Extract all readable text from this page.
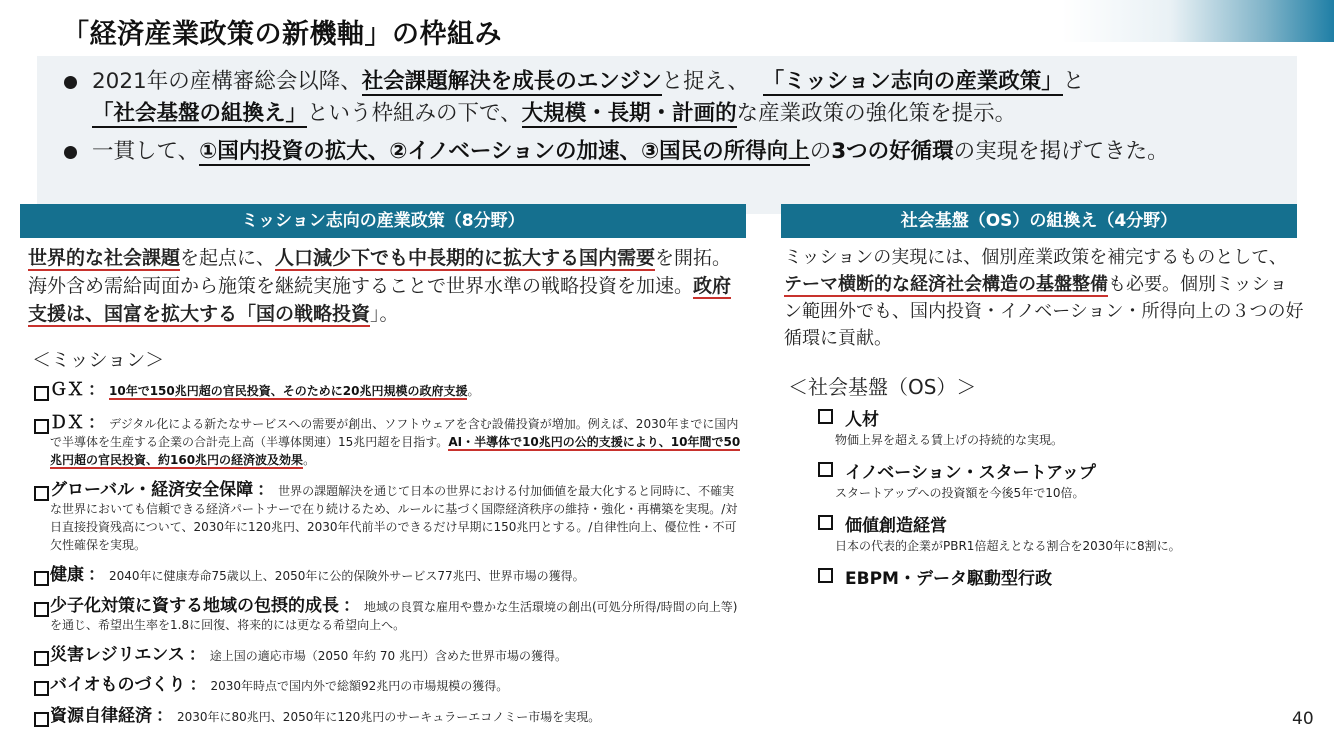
「経済産業政策の新機軸」の枠組み
2021年の産構審総会以降、社会課題解決を成長のエンジンと捉え、 「ミッション志向の産業政策」と
「社会基盤の組換え」という枠組みの下で、大規模・長期・計画的な産業政策の強化策を提示。
一貫して、①国内投資の拡大、②イノベーションの加速、③国民の所得向上の3つの好循環の実現を掲げてきた。
ミッション志向の産業政策（8分野）
世界的な社会課題を起点に、人口減少下でも中長期的に拡大する国内需要を開拓。海外含め需給両面から施策を継続実施することで世界水準の戦略投資を加速。政府支援は、国富を拡大する「国の戦略投資」。
＜ミッション＞
ＧＸ ： 10年で150兆円超の官民投資、そのために20兆円規模の政府支援。
ＤＸ ： デジタル化による新たなサービスへの需要が創出、ソフトウェアを含む設備投資が増加。例えば、2030年までに国内で半導体を生産する企業の合計売上高（半導体関連）15兆円超を目指す。AI・半導体で10兆円の公的支援により、10年間で50兆円超の官民投資、約160兆円の経済波及効果。
グローバル・経済安全保障 ： 世界の課題解決を通じて日本の世界における付加価値を最大化すると同時に、不確実な世界においても信頼できる経済パートナーで在り続けるため、ルールに基づく国際経済秩序の維持・強化・再構築を実現。/対日直接投資残高について、2030年に120兆円、2030年代前半のできるだけ早期に150兆円とする。/自律性向上、優位性・不可欠性確保を実現。
健康 ： 2040年に健康寿命75歳以上、2050年に公的保険外サービス77兆円、世界市場の獲得。
少子化対策に資する地域の包摂的成長 ： 地域の良質な雇用や豊かな生活環境の創出(可処分所得/時間の向上等)を通じ、希望出生率を1.8に回復、将来的には更なる希望向上へ。
災害レジリエンス ： 途上国の適応市場（2050 年約 70 兆円）含めた世界市場の獲得。
バイオものづくり ： 2030年時点で国内外で総額92兆円の市場規模の獲得。
資源自律経済 ： 2030年に80兆円、2050年に120兆円のサーキュラーエコノミー市場を実現。
社会基盤（OS）の組換え（4分野）
ミッションの実現には、個別産業政策を補完するものとして、テーマ横断的な経済社会構造の基盤整備も必要。個別ミッション範囲外でも、国内投資・イノベーション・所得向上の３つの好循環に貢献。
＜社会基盤（OS）＞
人材
物価上昇を超える賃上げの持続的な実現。
イノベーション・スタートアップ
スタートアップへの投資額を今後5年で10倍。
価値創造経営
日本の代表的企業がPBR1倍超えとなる割合を2030年に8割に。
EBPM・データ駆動型行政
40
